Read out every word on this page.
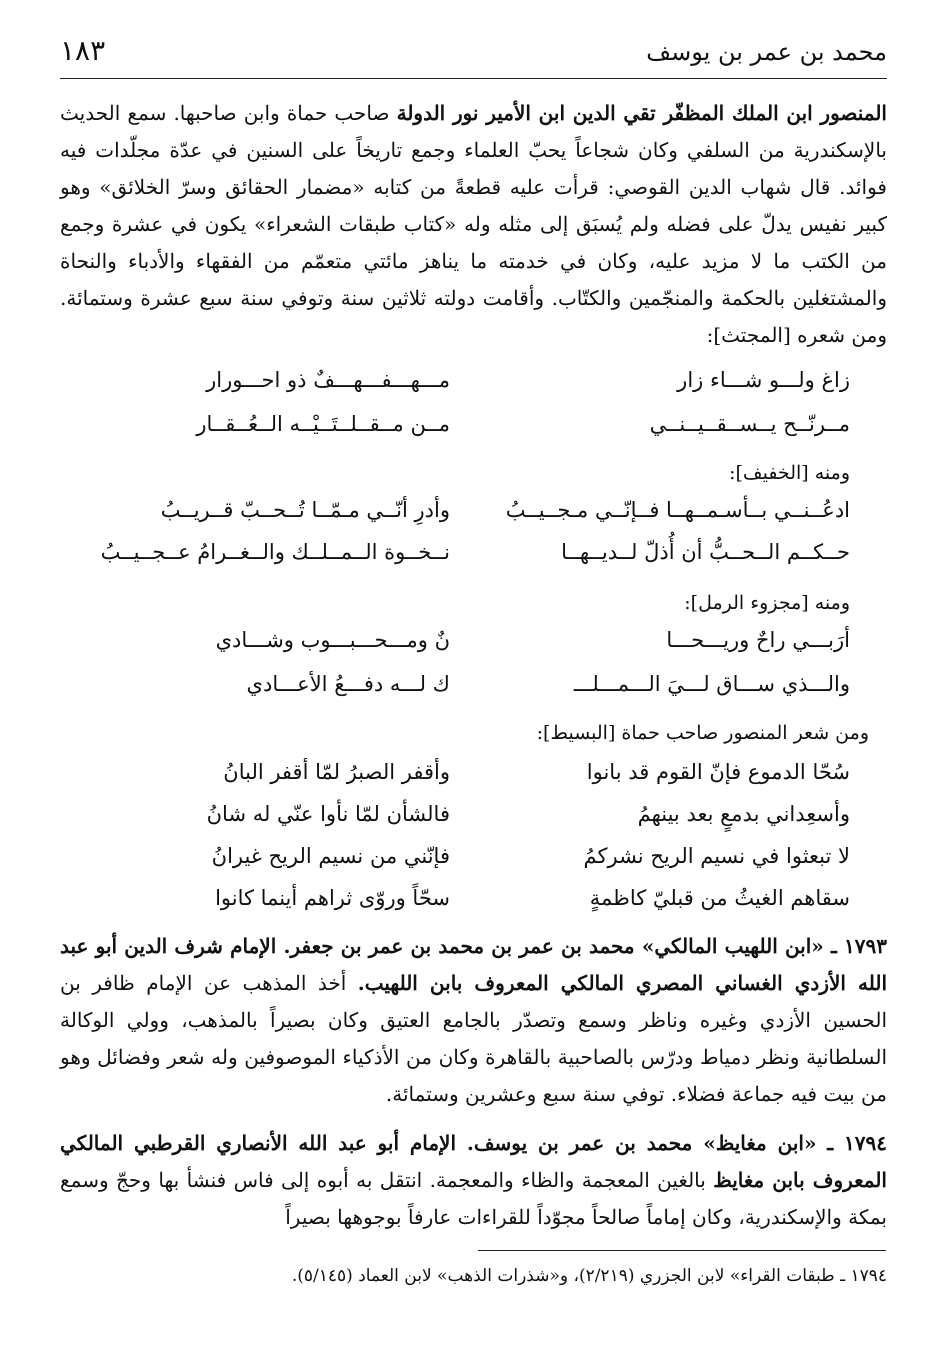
محمد بن عمر بن يوسف
١٨٣

المنصور ابن الملك المظفّر تقي الدين ابن الأمير نور الدولة صاحب حماة وابن صاحبها. سمع الحديث بالإسكندرية من السلفي وكان شجاعاً يحبّ العلماء وجمع تاريخاً على السنين في عدّة مجلّدات فيه فوائد. قال شهاب الدين القوصي: قرأت عليه قطعةً من كتابه «مضمار الحقائق وسرّ الخلائق» وهو كبير نفيس يدلّ على فضله ولم يُسبَق إلى مثله وله «كتاب طبقات الشعراء» يكون في عشرة وجمع من الكتب ما لا مزيد عليه، وكان في خدمته ما يناهز مائتي متعمّم من الفقهاء والأدباء والنحاة والمشتغلين بالحكمة والمنجّمين والكتّاب. وأقامت دولته ثلاثين سنة وتوفي سنة سبع عشرة وستمائة. ومن شعره [المجتث]:

زاغ ولـــو شـــاء زار
مـــهـــفـــهـــفٌ ذو احـــورار
مــرنّــح يــســقــيــنــي
مــن مــقــلــتَــيْــه الــعُــقــار
ومنه [الخفيف]:
ادعُــنــي بــأسـمــهــا فــإنّــي مـجــيــبُ
وأدرِ أنّــي مـمّــا تُــحــبّ قــريــبُ
حــكــم الــحــبُّ أن أُذلّ لــديــهــا
نــخــوة الــمــلــك والــغــرامُ عــجــيــبُ
ومنه [مجزوء الرمل]:
أرَبـــي راحٌ وريـــحـــا
نٌ ومـــحـــبـــوب وشـــادي
والـــذي ســـاق لـــيَ الـــمـــلـــ
ك لـــه دفـــعُ الأعـــادي
ومن شعر المنصور صاحب حماة [البسيط]:
سُحّا الدموع فإنّ القوم قد بانوا
وأقفر الصبرُ لمّا أقفر البانُ
وأسعِداني بدمعٍ بعد بينهمُ
فالشأن لمّا نأوا عنّي له شانُ
لا تبعثوا في نسيم الريح نشركمُ
فإنّني من نسيم الريح غيرانُ
سقاهم الغيثُ من قبليّ كاظمةٍ
سحّاً وروّى ثراهم أينما كانوا

١٧٩٣ ـ «ابن اللهيب المالكي» محمد بن عمر بن محمد بن عمر بن جعفر. الإمام شرف الدين أبو عبد الله الأزدي الغساني المصري المالكي المعروف بابن اللهيب. أخذ المذهب عن الإمام ظافر بن الحسين الأزدي وغيره وناظر وسمع وتصدّر بالجامع العتيق وكان بصيراً بالمذهب، وولي الوكالة السلطانية ونظر دمياط ودرّس بالصاحبية بالقاهرة وكان من الأذكياء الموصوفين وله شعر وفضائل وهو من بيت فيه جماعة فضلاء. توفي سنة سبع وعشرين وستمائة.

١٧٩٤ ـ «ابن مغايظ» محمد بن عمر بن يوسف. الإمام أبو عبد الله الأنصاري القرطبي المالكي المعروف بابن مغايظ بالغين المعجمة والظاء والمعجمة. انتقل به أبوه إلى فاس فنشأ بها وحجّ وسمع بمكة والإسكندرية، وكان إماماً صالحاً مجوّداً للقراءات عارفاً بوجوهها بصيراً

١٧٩٤ ـ طبقات القراء» لابن الجزري (٢/٢١٩)، و«شذرات الذهب» لابن العماد (٥/١٤٥).
